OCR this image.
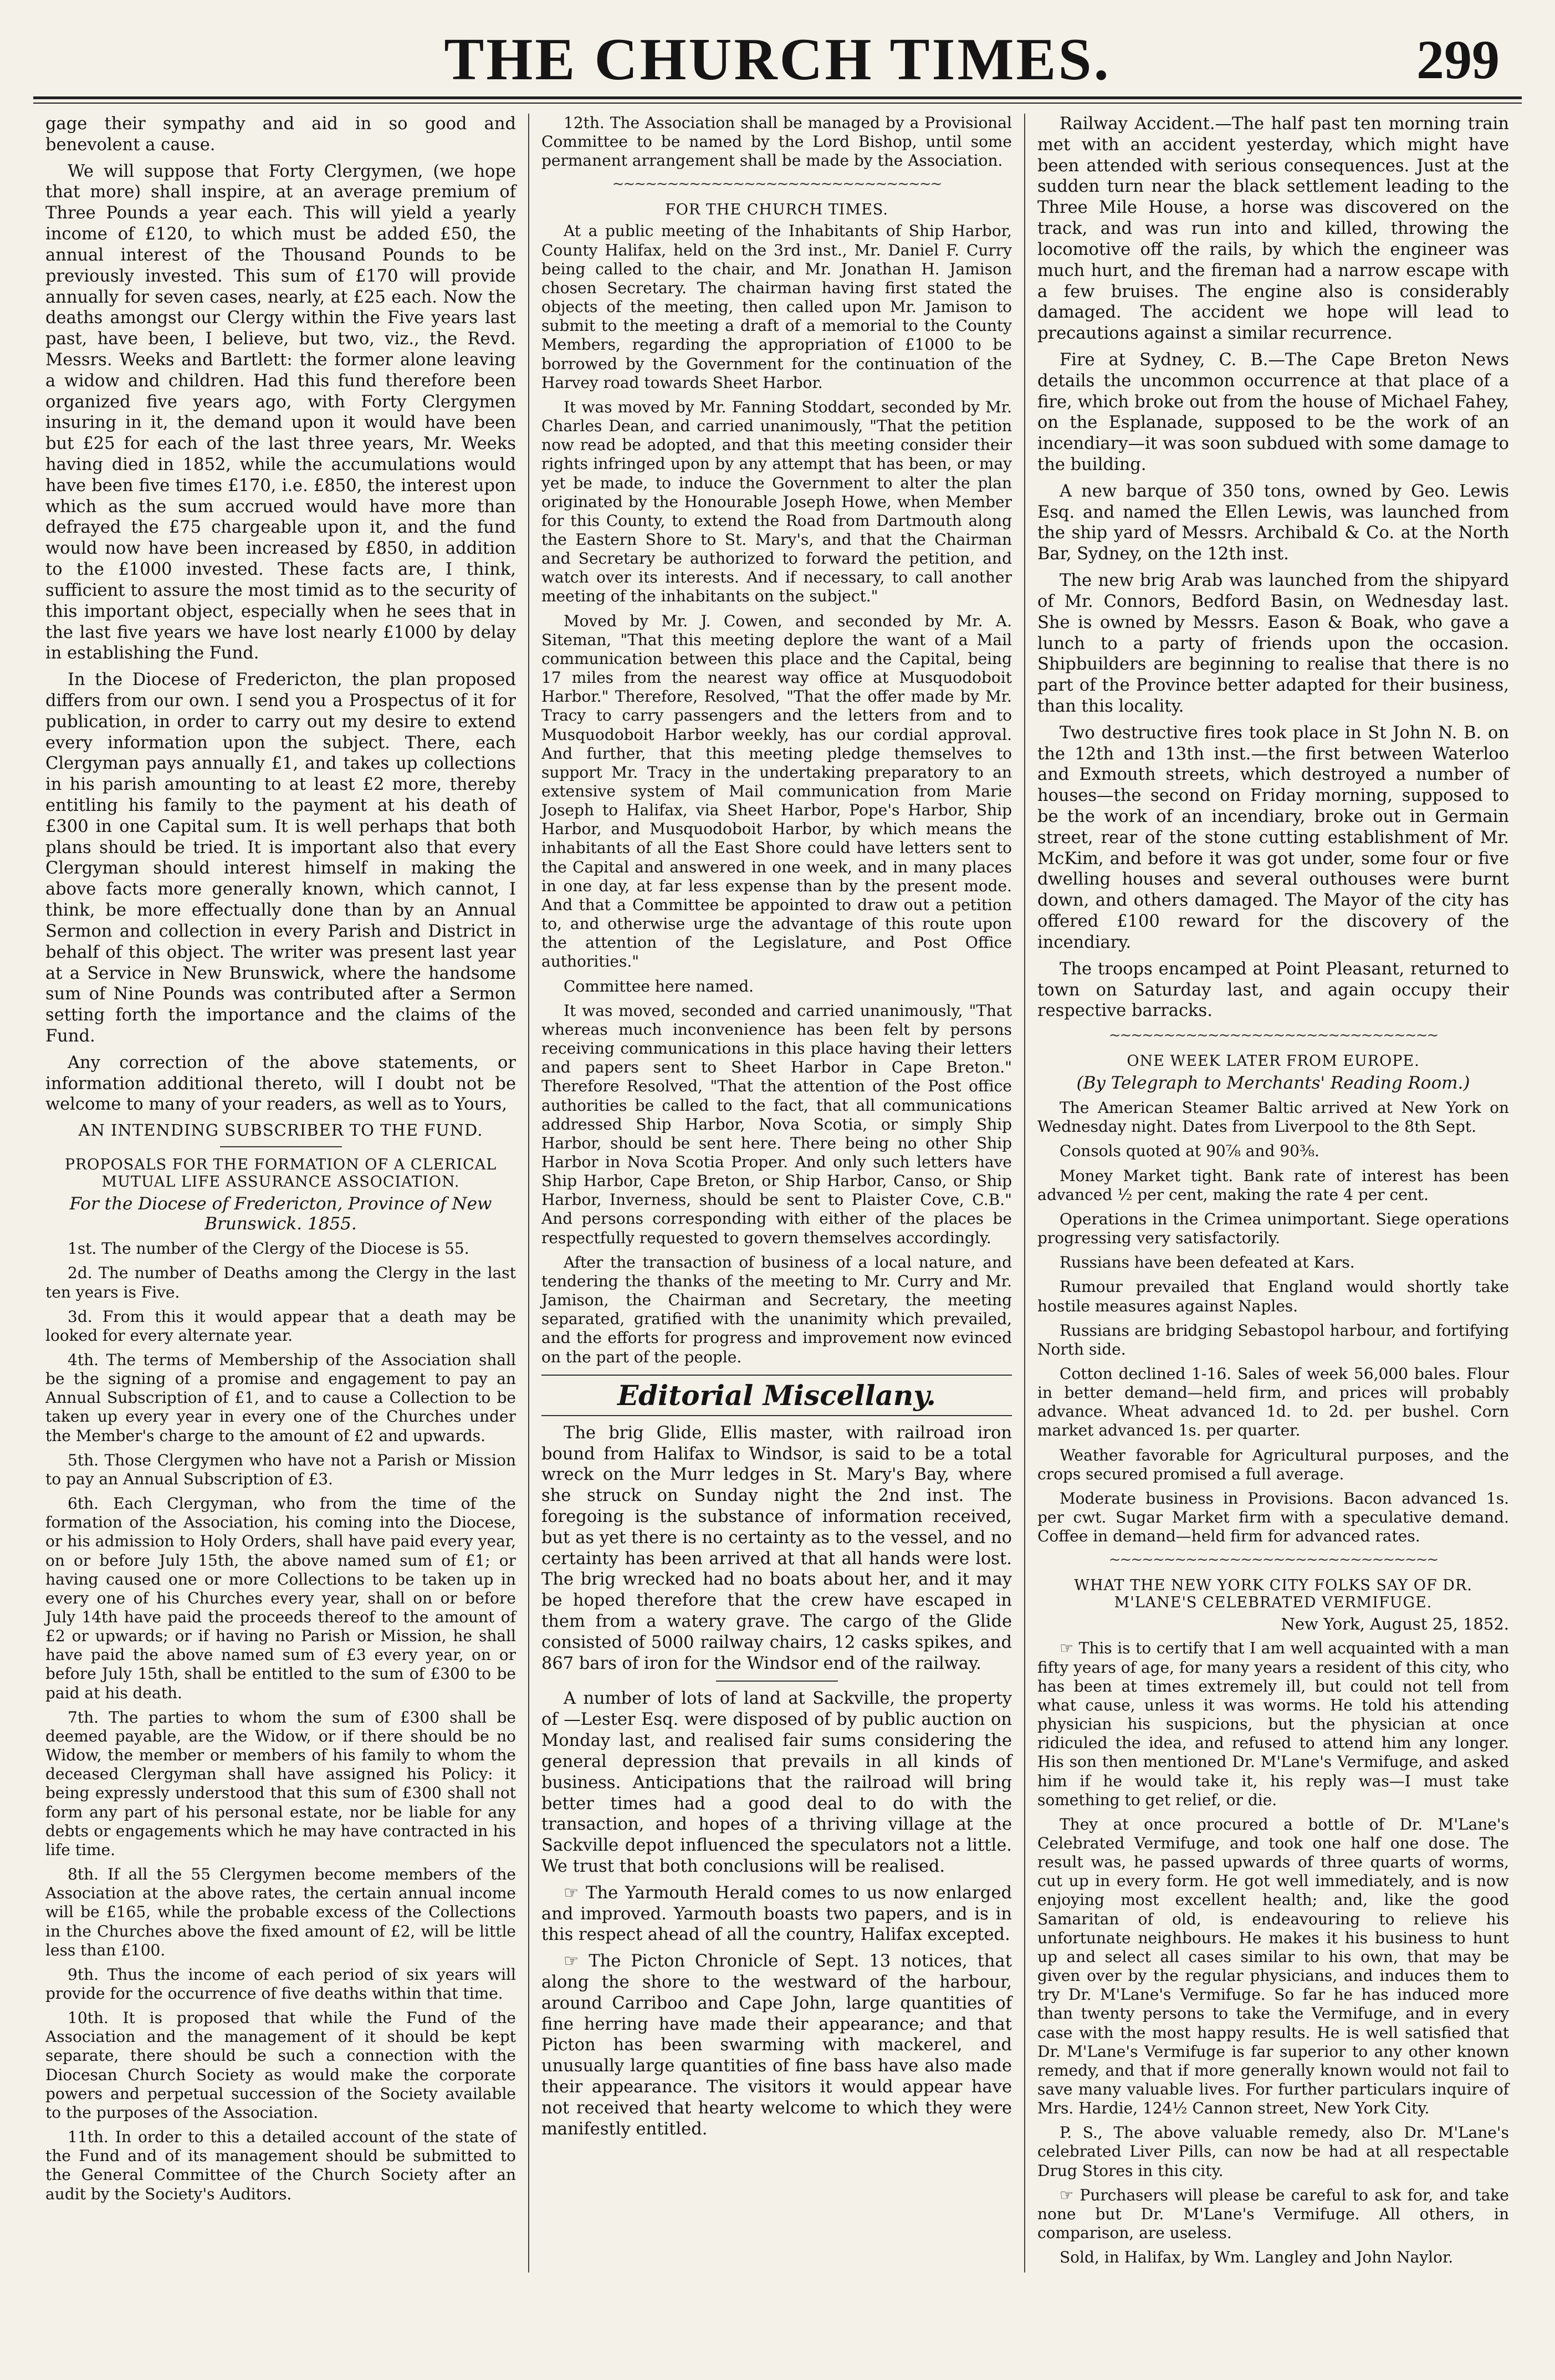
THE CHURCH TIMES.	299

gage their sympathy and aid in so good and benevolent a cause.

We will suppose that Forty Clergymen, (we hope that more) shall inspire, at an average premium of Three Pounds a year each. This will yield a yearly income of £120, to which must be added £50, the annual interest of the Thousand Pounds to be previously invested. This sum of £170 will provide annually for seven cases, nearly, at £25 each. Now the deaths amongst our Clergy within the Five years last past, have been, I believe, but two, viz., the Revd. Messrs. Weeks and Bartlett: the former alone leaving a widow and children. Had this fund therefore been organized five years ago, with Forty Clergymen insuring in it, the demand upon it would have been but £25 for each of the last three years, Mr. Weeks having died in 1852, while the accumulations would have been five times £170, i.e. £850, the interest upon which as the sum accrued would have more than defrayed the £75 chargeable upon it, and the fund would now have been increased by £850, in addition to the £1000 invested. These facts are, I think, sufficient to assure the most timid as to the security of this important object, especially when he sees that in the last five years we have lost nearly £1000 by delay in establishing the Fund.

In the Diocese of Fredericton, the plan proposed differs from our own. I send you a Prospectus of it for publication, in order to carry out my desire to extend every information upon the subject. There, each Clergyman pays annually £1, and takes up collections in his parish amounting to at least £2 more, thereby entitling his family to the payment at his death of £300 in one Capital sum. It is well perhaps that both plans should be tried. It is important also that every Clergyman should interest himself in making the above facts more generally known, which cannot, I think, be more effectually done than by an Annual Sermon and collection in every Parish and District in behalf of this object. The writer was present last year at a Service in New Brunswick, where the handsome sum of Nine Pounds was contributed after a Sermon setting forth the importance and the claims of the Fund.

Any correction of the above statements, or information additional thereto, will I doubt not be welcome to many of your readers, as well as to Yours,

AN INTENDING SUBSCRIBER TO THE FUND.
PROPOSALS FOR THE FORMATION OF A CLERICAL MUTUAL LIFE ASSURANCE ASSOCIATION.
For the Diocese of Fredericton, Province of New Brunswick. 1855.

1st. The number of the Clergy of the Diocese is 55.

2d. The number of Deaths among the Clergy in the last ten years is Five.

3d. From this it would appear that a death may be looked for every alternate year.

4th. The terms of Membership of the Association shall be the signing of a promise and engagement to pay an Annual Subscription of £1, and to cause a Collection to be taken up every year in every one of the Churches under the Member's charge to the amount of £2 and upwards.

5th. Those Clergymen who have not a Parish or Mission to pay an Annual Subscription of £3.

6th. Each Clergyman, who from the time of the formation of the Association, his coming into the Diocese, or his admission to Holy Orders, shall have paid every year, on or before July 15th, the above named sum of £1; or having caused one or more Collections to be taken up in every one of his Churches every year, shall on or before July 14th have paid the proceeds thereof to the amount of £2 or upwards; or if having no Parish or Mission, he shall have paid the above named sum of £3 every year, on or before July 15th, shall be entitled to the sum of £300 to be paid at his death.

7th. The parties to whom the sum of £300 shall be deemed payable, are the Widow, or if there should be no Widow, the member or members of his family to whom the deceased Clergyman shall have assigned his Policy: it being expressly understood that this sum of £300 shall not form any part of his personal estate, nor be liable for any debts or engagements which he may have contracted in his life time.

8th. If all the 55 Clergymen become members of the Association at the above rates, the certain annual income will be £165, while the probable excess of the Collections in the Churches above the fixed amount of £2, will be little less than £100.

9th. Thus the income of each period of six years will provide for the occurrence of five deaths within that time.

10th. It is proposed that while the Fund of the Association and the management of it should be kept separate, there should be such a connection with the Diocesan Church Society as would make the corporate powers and perpetual succession of the Society available to the purposes of the Association.

11th. In order to this a detailed account of the state of the Fund and of its management should be submitted to the General Committee of the Church Society after an audit by the Society's Auditors.

12th. The Association shall be managed by a Provisional Committee to be named by the Lord Bishop, until some permanent arrangement shall be made by the Association.

~~~~~~~~~~~~~~~~~~~~~~~~~~~~~~
FOR THE CHURCH TIMES.

At a public meeting of the Inhabitants of Ship Harbor, County Halifax, held on the 3rd inst., Mr. Daniel F. Curry being called to the chair, and Mr. Jonathan H. Jamison chosen Secretary. The chairman having first stated the objects of the meeting, then called upon Mr. Jamison to submit to the meeting a draft of a memorial to the County Members, regarding the appropriation of £1000 to be borrowed by the Government for the continuation of the Harvey road towards Sheet Harbor.

It was moved by Mr. Fanning Stoddart, seconded by Mr. Charles Dean, and carried unanimously, "That the petition now read be adopted, and that this meeting consider their rights infringed upon by any attempt that has been, or may yet be made, to induce the Government to alter the plan originated by the Honourable Joseph Howe, when Member for this County, to extend the Road from Dartmouth along the Eastern Shore to St. Mary's, and that the Chairman and Secretary be authorized to forward the petition, and watch over its interests. And if necessary, to call another meeting of the inhabitants on the subject."

Moved by Mr. J. Cowen, and seconded by Mr. A. Siteman, "That this meeting deplore the want of a Mail communication between this place and the Capital, being 17 miles from the nearest way office at Musquodoboit Harbor." Therefore, Resolved, "That the offer made by Mr. Tracy to carry passengers and the letters from and to Musquodoboit Harbor weekly, has our cordial approval. And further, that this meeting pledge themselves to support Mr. Tracy in the undertaking preparatory to an extensive system of Mail communication from Marie Joseph to Halifax, via Sheet Harbor, Pope's Harbor, Ship Harbor, and Musquodoboit Harbor, by which means the inhabitants of all the East Shore could have letters sent to the Capital and answered in one week, and in many places in one day, at far less expense than by the present mode. And that a Committee be appointed to draw out a petition to, and otherwise urge the advantage of this route upon the attention of the Legislature, and Post Office authorities."

Committee here named.

It was moved, seconded and carried unanimously, "That whereas much inconvenience has been felt by persons receiving communications in this place having their letters and papers sent to Sheet Harbor in Cape Breton." Therefore Resolved, "That the attention of the Post office authorities be called to the fact, that all communications addressed Ship Harbor, Nova Scotia, or simply Ship Harbor, should be sent here. There being no other Ship Harbor in Nova Scotia Proper. And only such letters have Ship Harbor, Cape Breton, or Ship Harbor, Canso, or Ship Harbor, Inverness, should be sent to Plaister Cove, C.B." And persons corresponding with either of the places be respectfully requested to govern themselves accordingly.

After the transaction of business of a local nature, and tendering the thanks of the meeting to Mr. Curry and Mr. Jamison, the Chairman and Secretary, the meeting separated, gratified with the unanimity which prevailed, and the efforts for progress and improvement now evinced on the part of the people.

Editorial Miscellany.

The brig Glide, Ellis master, with railroad iron bound from Halifax to Windsor, is said to be a total wreck on the Murr ledges in St. Mary's Bay, where she struck on Sunday night the 2nd inst. The foregoing is the substance of information received, but as yet there is no certainty as to the vessel, and no certainty has been arrived at that all hands were lost. The brig wrecked had no boats about her, and it may be hoped therefore that the crew have escaped in them from a watery grave. The cargo of the Glide consisted of 5000 railway chairs, 12 casks spikes, and 867 bars of iron for the Windsor end of the railway.

A number of lots of land at Sackville, the property of —Lester Esq. were disposed of by public auction on Monday last, and realised fair sums considering the general depression that prevails in all kinds of business. Anticipations that the railroad will bring better times had a good deal to do with the transaction, and hopes of a thriving village at the Sackville depot influenced the speculators not a little. We trust that both conclusions will be realised.

☞ The Yarmouth Herald comes to us now enlarged and improved. Yarmouth boasts two papers, and is in this respect ahead of all the country, Halifax excepted.

☞ The Picton Chronicle of Sept. 13 notices, that along the shore to the westward of the harbour, around Carriboo and Cape John, large quantities of fine herring have made their appearance; and that Picton has been swarming with mackerel, and unusually large quantities of fine bass have also made their appearance. The visitors it would appear have not received that hearty welcome to which they were manifestly entitled.

Railway Accident.—The half past ten morning train met with an accident yesterday, which might have been attended with serious consequences. Just at the sudden turn near the black settlement leading to the Three Mile House, a horse was discovered on the track, and was run into and killed, throwing the locomotive off the rails, by which the engineer was much hurt, and the fireman had a narrow escape with a few bruises. The engine also is considerably damaged. The accident we hope will lead to precautions against a similar recurrence.

Fire at Sydney, C. B.—The Cape Breton News details the uncommon occurrence at that place of a fire, which broke out from the house of Michael Fahey, on the Esplanade, supposed to be the work of an incendiary—it was soon subdued with some damage to the building.

A new barque of 350 tons, owned by Geo. Lewis Esq. and named the Ellen Lewis, was launched from the ship yard of Messrs. Archibald & Co. at the North Bar, Sydney, on the 12th inst.

The new brig Arab was launched from the shipyard of Mr. Connors, Bedford Basin, on Wednesday last. She is owned by Messrs. Eason & Boak, who gave a lunch to a party of friends upon the occasion. Shipbuilders are beginning to realise that there is no part of the Province better adapted for their business, than this locality.

Two destructive fires took place in St John N. B. on the 12th and 13th inst.—the first between Waterloo and Exmouth streets, which destroyed a number of houses—the second on Friday morning, supposed to be the work of an incendiary, broke out in Germain street, rear of the stone cutting establishment of Mr. McKim, and before it was got under, some four or five dwelling houses and several outhouses were burnt down, and others damaged. The Mayor of the city has offered £100 reward for the discovery of the incendiary.

The troops encamped at Point Pleasant, returned to town on Saturday last, and again occupy their respective barracks.

~~~~~~~~~~~~~~~~~~~~~~~~~~~~~~
ONE WEEK LATER FROM EUROPE.
(By Telegraph to Merchants' Reading Room.)

The American Steamer Baltic arrived at New York on Wednesday night. Dates from Liverpool to the 8th Sept.

Consols quoted at 90⅞ and 90⅜.

Money Market tight. Bank rate of interest has been advanced ½ per cent, making the rate 4 per cent.

Operations in the Crimea unimportant. Siege operations progressing very satisfactorily.

Russians have been defeated at Kars.

Rumour prevailed that England would shortly take hostile measures against Naples.

Russians are bridging Sebastopol harbour, and fortifying North side.

Cotton declined 1-16. Sales of week 56,000 bales. Flour in better demand—held firm, and prices will probably advance. Wheat advanced 1d. to 2d. per bushel. Corn market advanced 1s. per quarter.

Weather favorable for Agricultural purposes, and the crops secured promised a full average.

Moderate business in Provisions. Bacon advanced 1s. per cwt. Sugar Market firm with a speculative demand. Coffee in demand—held firm for advanced rates.

~~~~~~~~~~~~~~~~~~~~~~~~~~~~~~
WHAT THE NEW YORK CITY FOLKS SAY OF DR. M'LANE'S CELEBRATED VERMIFUGE.
New York, August 25, 1852.

☞ This is to certify that I am well acquainted with a man fifty years of age, for many years a resident of this city, who has been at times extremely ill, but could not tell from what cause, unless it was worms. He told his attending physician his suspicions, but the physician at once ridiculed the idea, and refused to attend him any longer. His son then mentioned Dr. M'Lane's Vermifuge, and asked him if he would take it, his reply was—I must take something to get relief, or die.

They at once procured a bottle of Dr. M'Lane's Celebrated Vermifuge, and took one half one dose. The result was, he passed upwards of three quarts of worms, cut up in every form. He got well immediately, and is now enjoying most excellent health; and, like the good Samaritan of old, is endeavouring to relieve his unfortunate neighbours. He makes it his business to hunt up and select all cases similar to his own, that may be given over by the regular physicians, and induces them to try Dr. M'Lane's Vermifuge. So far he has induced more than twenty persons to take the Vermifuge, and in every case with the most happy results. He is well satisfied that Dr. M'Lane's Vermifuge is far superior to any other known remedy, and that if more generally known would not fail to save many valuable lives. For further particulars inquire of Mrs. Hardie, 124½ Cannon street, New York City.

P. S., The above valuable remedy, also Dr. M'Lane's celebrated Liver Pills, can now be had at all respectable Drug Stores in this city.

☞ Purchasers will please be careful to ask for, and take none but Dr. M'Lane's Vermifuge. All others, in comparison, are useless.

Sold, in Halifax, by Wm. Langley and John Naylor.
